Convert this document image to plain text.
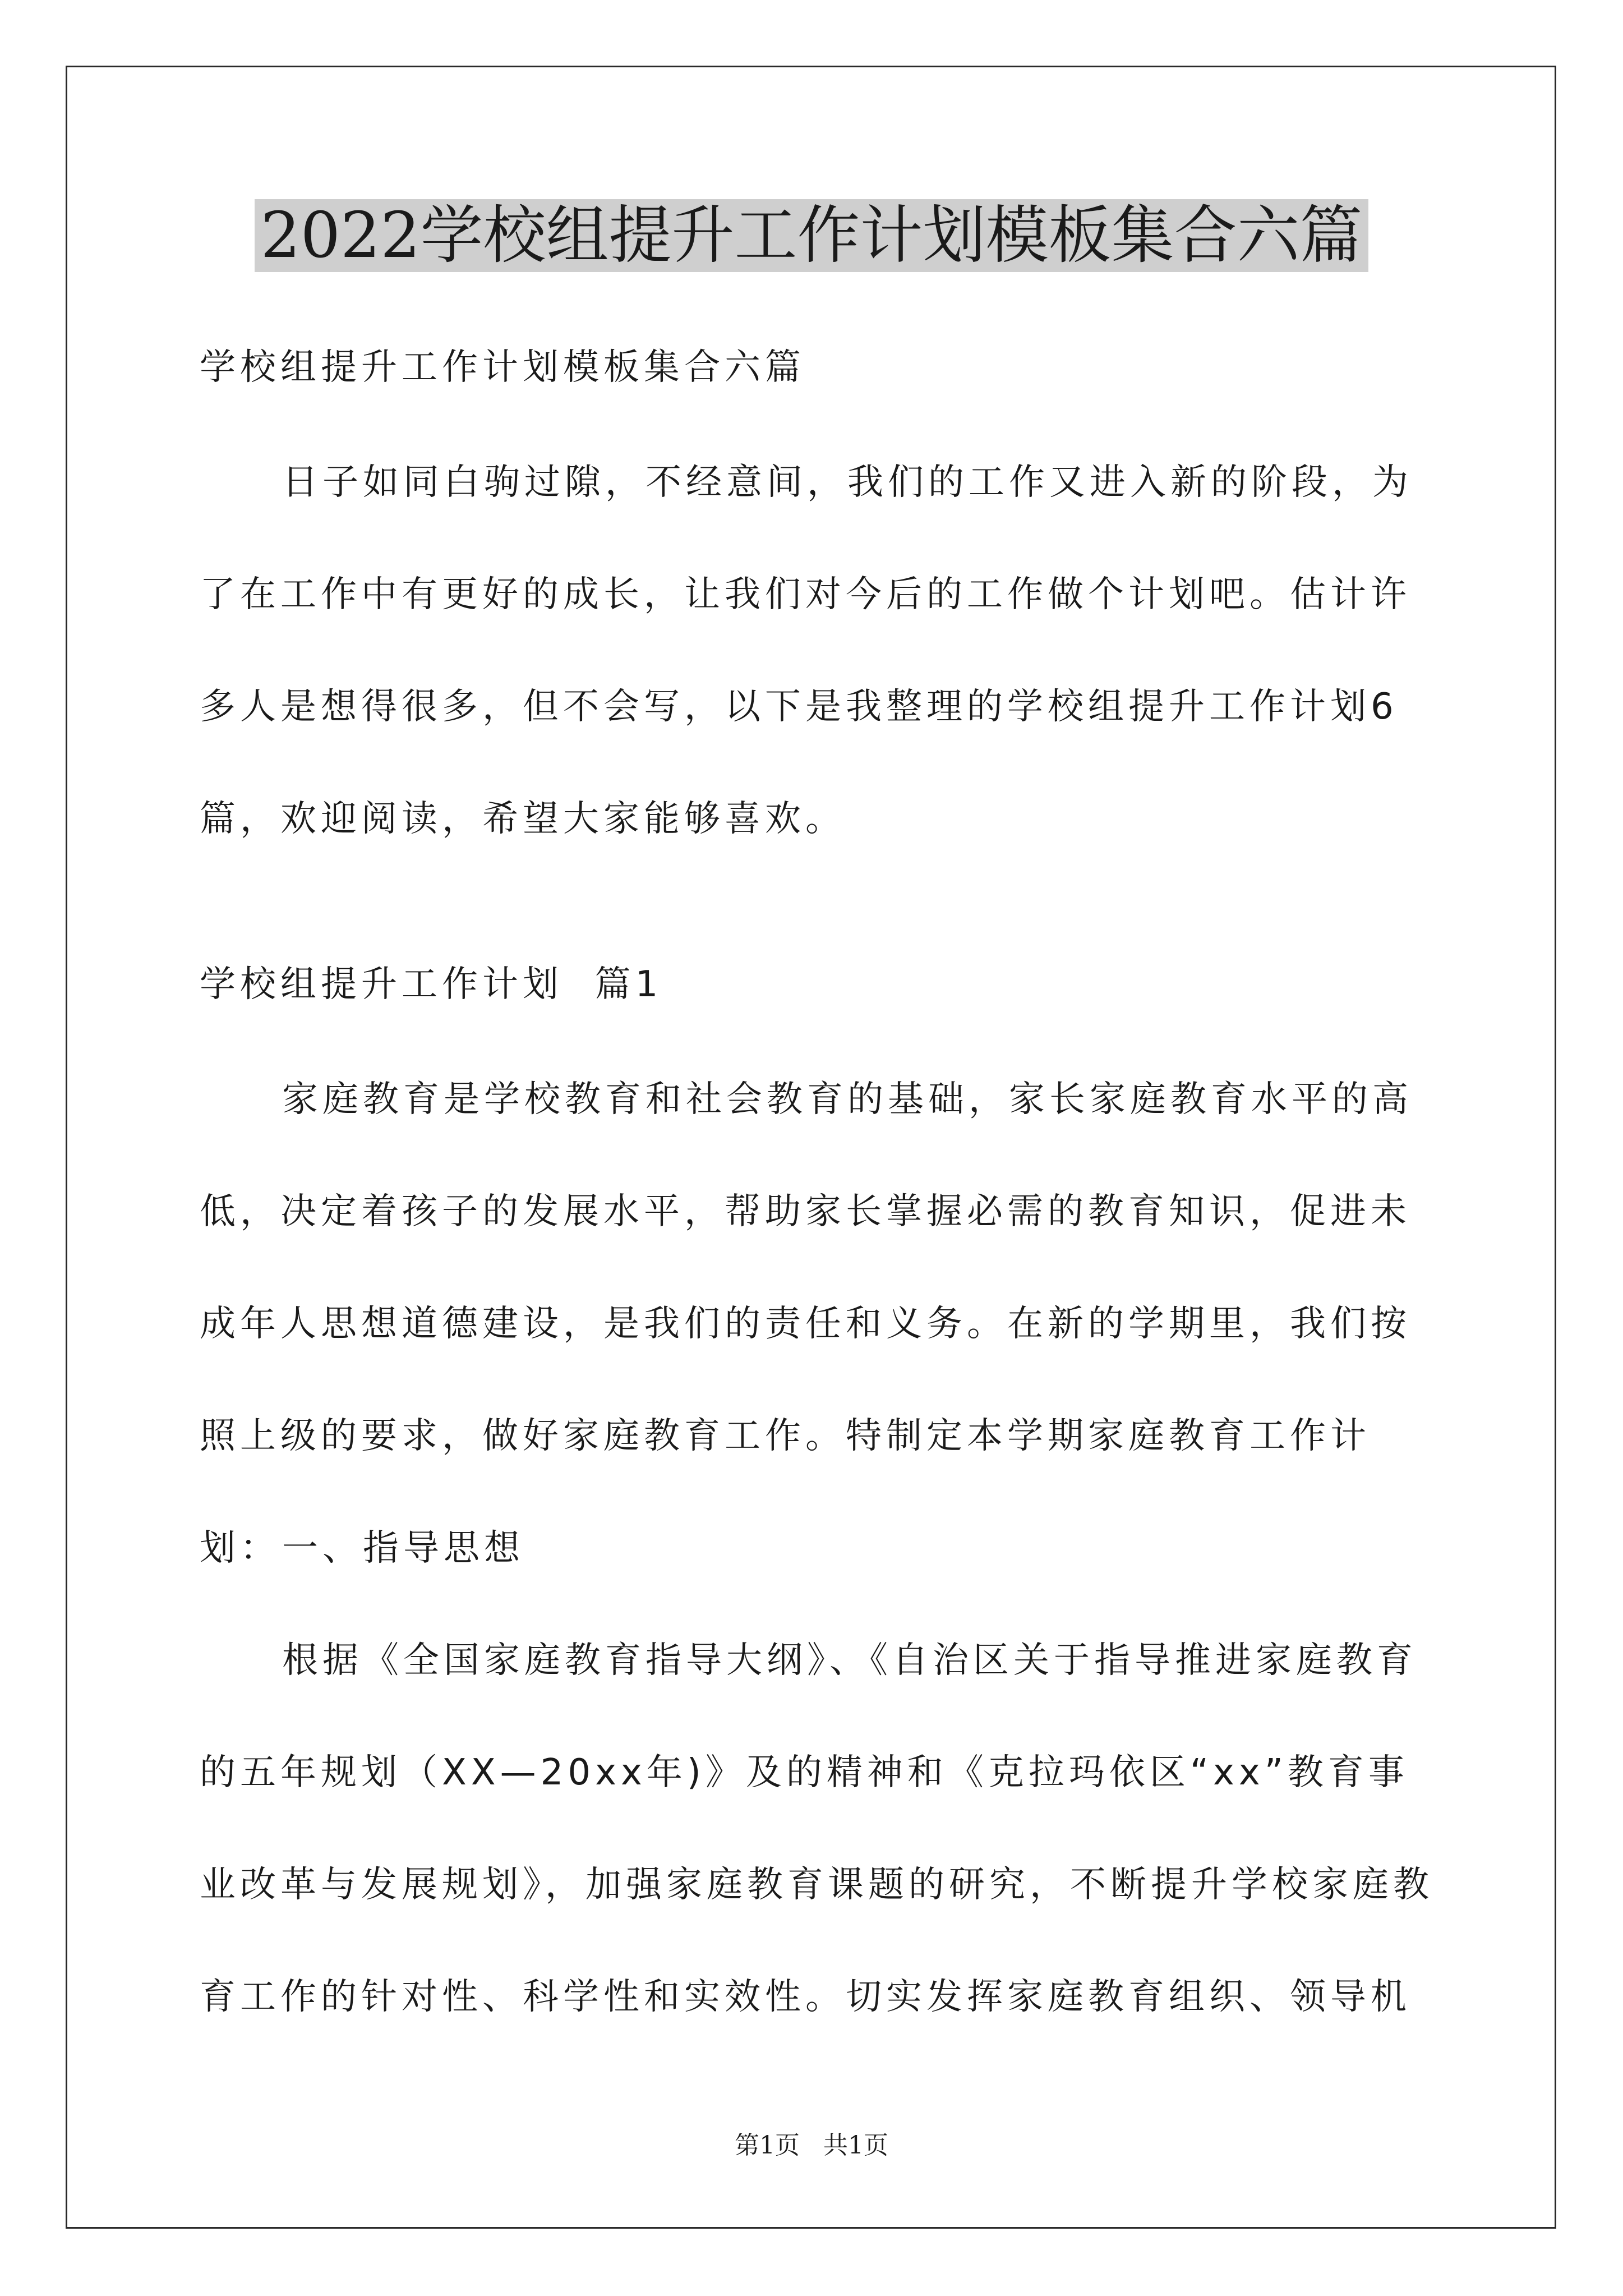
2022学校组提升工作计划模板集合六篇

学校组提升工作计划模板集合六篇

日子如同白驹过隙，不经意间，我们的工作又进入新的阶段，为了在工作中有更好的成长，让我们对今后的工作做个计划吧。估计许多人是想得很多，但不会写，以下是我整理的学校组提升工作计划6篇，欢迎阅读，希望大家能够喜欢。

学校组提升工作计划  篇1

家庭教育是学校教育和社会教育的基础，家长家庭教育水平的高低，决定着孩子的发展水平，帮助家长掌握必需的教育知识，促进未成年人思想道德建设，是我们的责任和义务。在新的学期里，我们按照上级的要求，做好家庭教育工作。特制定本学期家庭教育工作计划： 一、指导思想

根据《全国家庭教育指导大纲》、《自治区关于指导推进家庭教育的五年规划（XX—20xx年)》及的精神和《克拉玛依区“xx”教育事业改革与发展规划》，加强家庭教育课题的研究，不断提升学校家庭教育工作的针对性、科学性和实效性。切实发挥家庭教育组织、领导机

第1页   共1页
